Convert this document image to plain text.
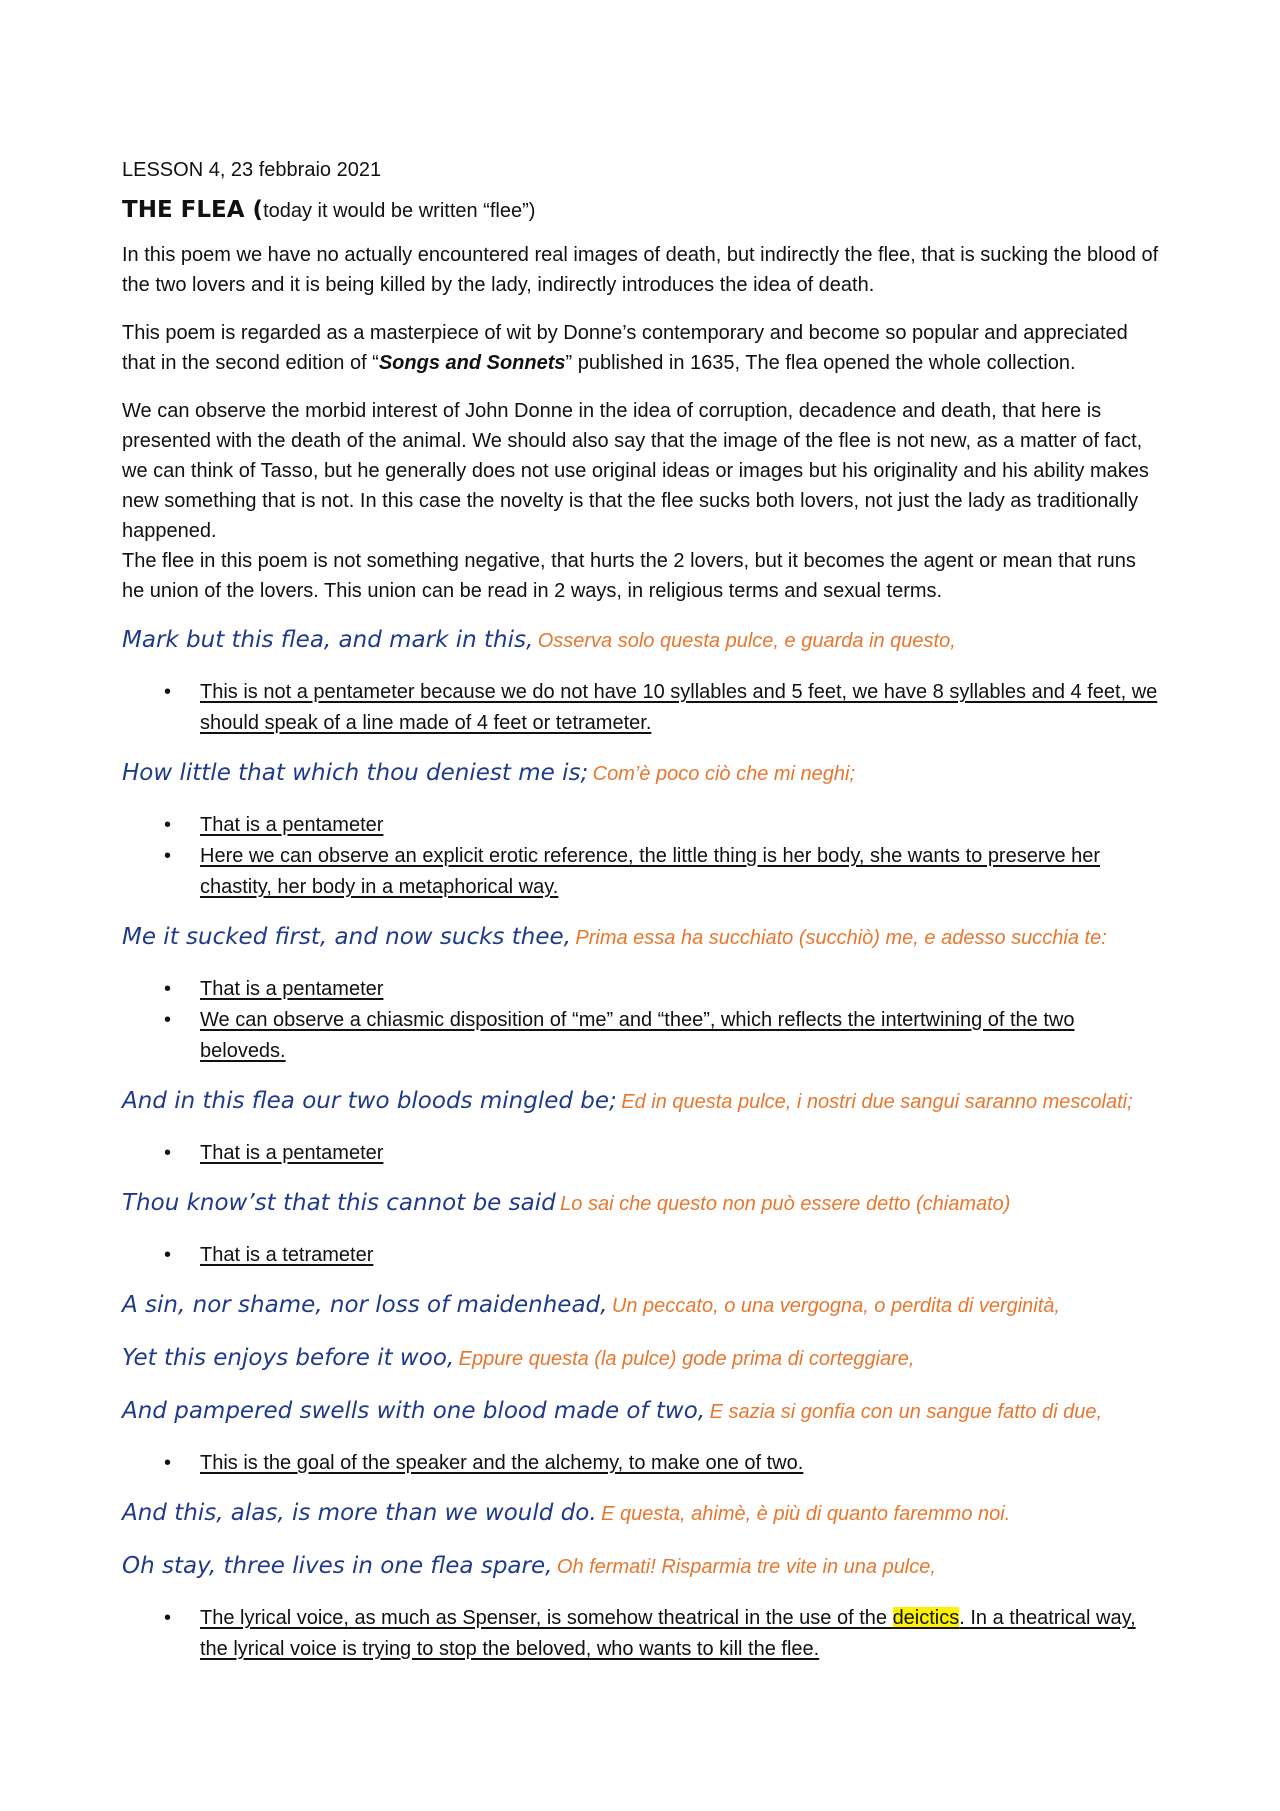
LESSON 4, 23 febbraio 2021
THE FLEA (today it would be written “flee”)

In this poem we have no actually encountered real images of death, but indirectly the flee, that is sucking the blood of the two lovers and it is being killed by the lady, indirectly introduces the idea of death.

This poem is regarded as a masterpiece of wit by Donne’s contemporary and become so popular and appreciated that in the second edition of “Songs and Sonnets” published in 1635, The flea opened the whole collection.

We can observe the morbid interest of John Donne in the idea of corruption, decadence and death, that here is presented with the death of the animal. We should also say that the image of the flee is not new, as a matter of fact, we can think of Tasso, but he generally does not use original ideas or images but his originality and his ability makes new something that is not. In this case the novelty is that the flee sucks both lovers, not just the lady as traditionally happened.

The flee in this poem is not something negative, that hurts the 2 lovers, but it becomes the agent or mean that runs he union of the lovers. This union can be read in 2 ways, in religious terms and sexual terms.

Mark but this flea, and mark in this, Osserva solo questa pulce, e guarda in questo,
• This is not a pentameter because we do not have 10 syllables and 5 feet, we have 8 syllables and 4 feet, we should speak of a line made of 4 feet or tetrameter.
How little that which thou deniest me is; Com’è poco ciò che mi neghi;
• That is a pentameter
• Here we can observe an explicit erotic reference, the little thing is her body, she wants to preserve her chastity, her body in a metaphorical way.
Me it sucked first, and now sucks thee, Prima essa ha succhiato (succhiò) me, e adesso succhia te:
• That is a pentameter
• We can observe a chiasmic disposition of “me” and “thee”, which reflects the intertwining of the two beloveds.
And in this flea our two bloods mingled be; Ed in questa pulce, i nostri due sangui saranno mescolati;
• That is a pentameter
Thou know’st that this cannot be said Lo sai che questo non può essere detto (chiamato)
• That is a tetrameter
A sin, nor shame, nor loss of maidenhead, Un peccato, o una vergogna, o perdita di verginità,
Yet this enjoys before it woo, Eppure questa (la pulce) gode prima di corteggiare,
And pampered swells with one blood made of two, E sazia si gonfia con un sangue fatto di due,
• This is the goal of the speaker and the alchemy, to make one of two.
And this, alas, is more than we would do. E questa, ahimè, è più di quanto faremmo noi.
Oh stay, three lives in one flea spare, Oh fermati! Risparmia tre vite in una pulce,
• The lyrical voice, as much as Spenser, is somehow theatrical in the use of the deictics. In a theatrical way, the lyrical voice is trying to stop the beloved, who wants to kill the flee.
